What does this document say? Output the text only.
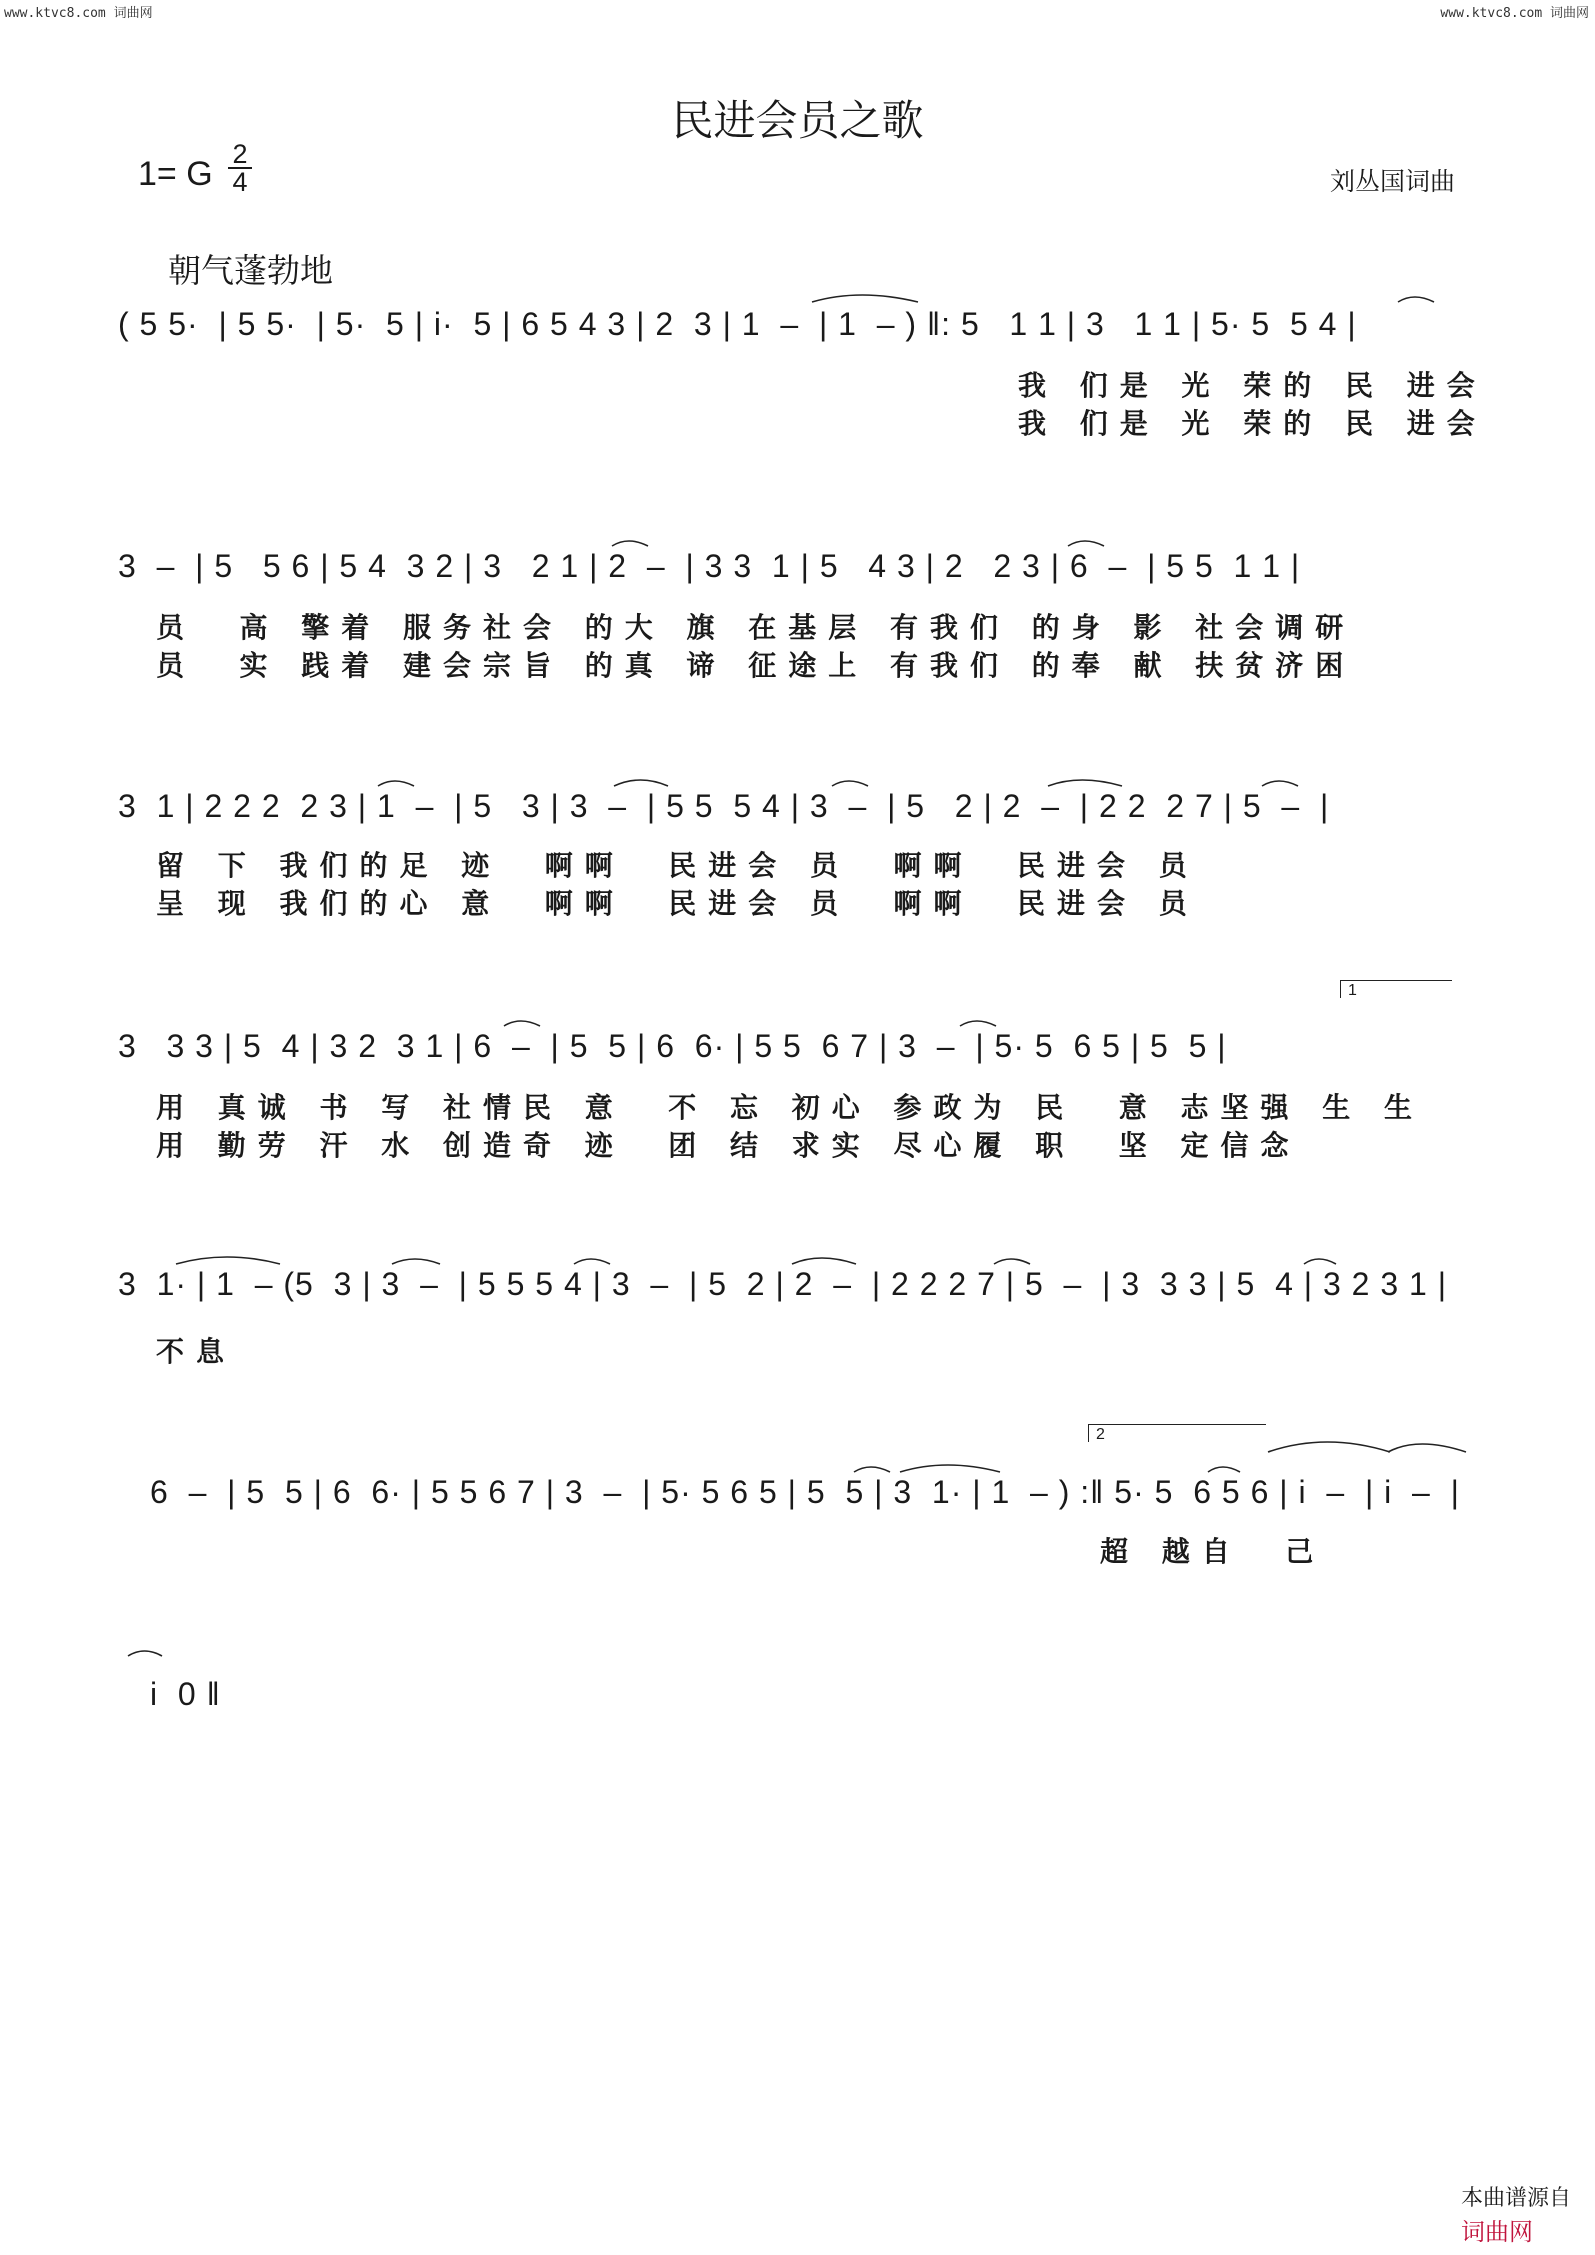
www.ktvc8.com 词曲网	www.ktvc8.com 词曲网
民进会员之歌
1= G
2
4	刘丛国词曲
朝气蓬勃地
( 5 5·  | 5 5·  | 5·  5 | i·  5 | 6 5 4 3 | 2  3 | 1  –  | 1  – ) ‖: 5   1 1 | 3   1 1 | 5· 5  5 4 |
我 们是 光 荣的 民 进会
我 们是 光 荣的 民 进会
3  –  | 5   5 6 | 5 4  3 2 | 3   2 1 | 2  –  | 3 3  1 | 5   4 3 | 2   2 3 | 6  –  | 5 5  1 1 |
员  高 擎着 服务社会 的大 旗 在基层 有我们 的身 影 社会调研
员  实 践着 建会宗旨 的真 谛 征途上 有我们 的奉 献 扶贫济困
3  1 | 2 2 2  2 3 | 1  –  | 5   3 | 3  –  | 5 5  5 4 | 3  –  | 5   2 | 2  –  | 2 2  2 7 | 5  –  |
留 下 我们的足 迹  啊啊  民进会 员  啊啊  民进会 员
呈 现 我们的心 意  啊啊  民进会 员  啊啊  民进会 员
1
3   3 3 | 5  4 | 3 2  3 1 | 6  –  | 5  5 | 6  6· | 5 5  6 7 | 3  –  | 5· 5  6 5 | 5  5 |
用 真诚 书 写 社情民 意  不 忘 初心 参政为 民  意 志坚强 生 生
用 勤劳 汗 水 创造奇 迹  团 结 求实 尽心履 职  坚 定信念
3  1· | 1  – (5  3 | 3  –  | 5 5 5 4 | 3  –  | 5  2 | 2  –  | 2 2 2 7 | 5  –  | 3  3 3 | 5  4 | 3 2 3 1 |
不息
2
6  –  | 5  5 | 6  6· | 5 5 6 7 | 3  –  | 5· 5 6 5 | 5  5 | 3  1· | 1  – ) :‖ 5· 5  6 5 6 | i  –  | i  –  |
超 越自  己
i  0 ‖

本曲谱源自
词曲网
